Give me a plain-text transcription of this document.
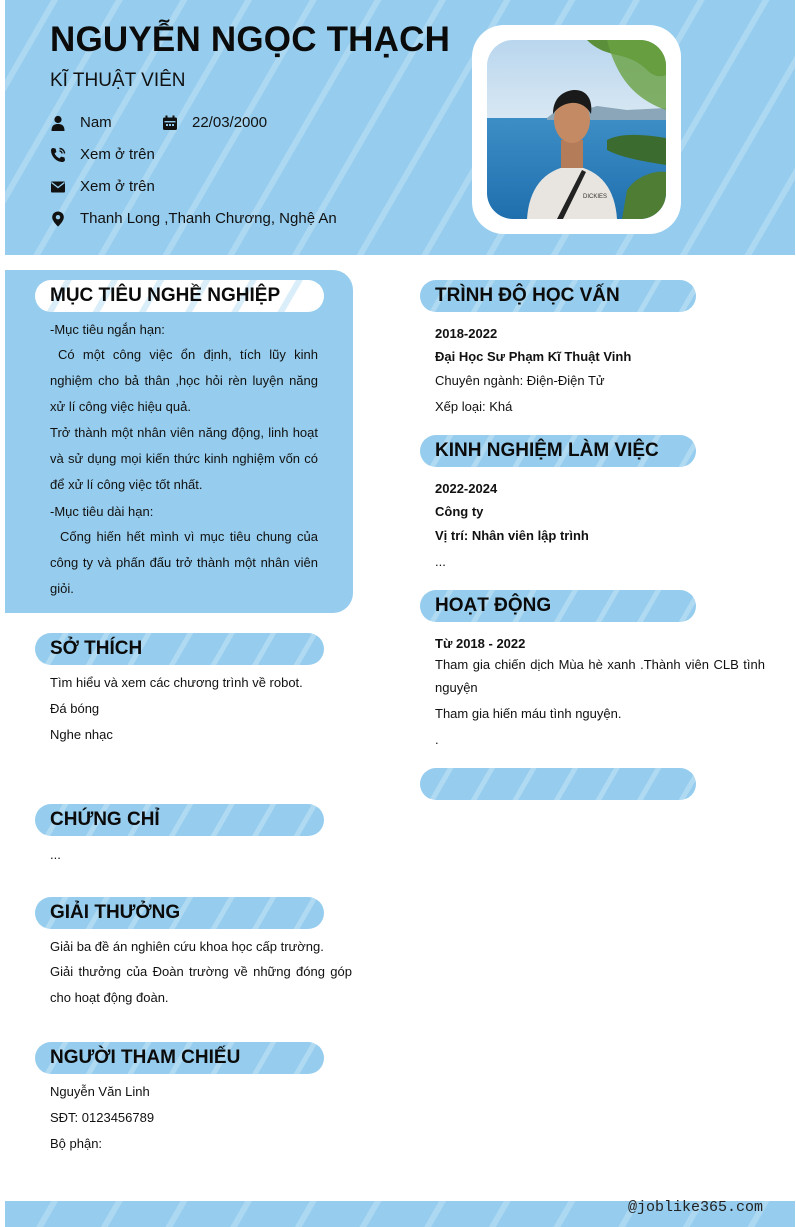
NGUYỄN NGỌC THẠCH
KĨ THUẬT VIÊN
Nam	22/03/2000
Xem ở trên
Xem ở trên
Thanh Long ,Thanh Chương, Nghệ An
DICKIES
MỤC TIÊU NGHỀ NGHIỆP
-Mục tiêu ngắn hạn:
Có một công việc ổn định, tích lũy kinh nghiệm cho bả thân ,học hỏi rèn luyện năng xử lí công việc hiệu quả.
Trở thành một nhân viên năng động, linh hoạt và sử dụng mọi kiến thức kinh nghiệm vốn có để xử lí công việc tốt nhất.
-Mục tiêu dài hạn:
Cống hiến hết mình vì mục tiêu chung của công ty và phấn đấu trở thành một nhân viên giỏi.
SỞ THÍCH
Tìm hiểu và xem các chương trình về robot.
Đá bóng
Nghe nhạc
CHỨNG CHỈ
...
GIẢI THƯỞNG
Giải ba đề án nghiên cứu khoa học cấp trường.
Giải thưởng của Đoàn trường về những đóng góp cho hoạt động đoàn.
NGƯỜI THAM CHIẾU
Nguyễn Văn Linh
SĐT: 0123456789
Bộ phận:
TRÌNH ĐỘ HỌC VẤN
2018-2022
Đại Học Sư Phạm Kĩ Thuật Vinh
Chuyên ngành: Điện-Điện Tử
Xếp loại: Khá
KINH NGHIỆM LÀM VIỆC
2022-2024
Công ty
Vị trí: Nhân viên lập trình
...
HOẠT ĐỘNG
Từ 2018 - 2022
Tham gia chiến dịch Mùa hè xanh .Thành viên CLB tình nguyện
Tham gia hiến máu tình nguyện.
.
@joblike365.com
